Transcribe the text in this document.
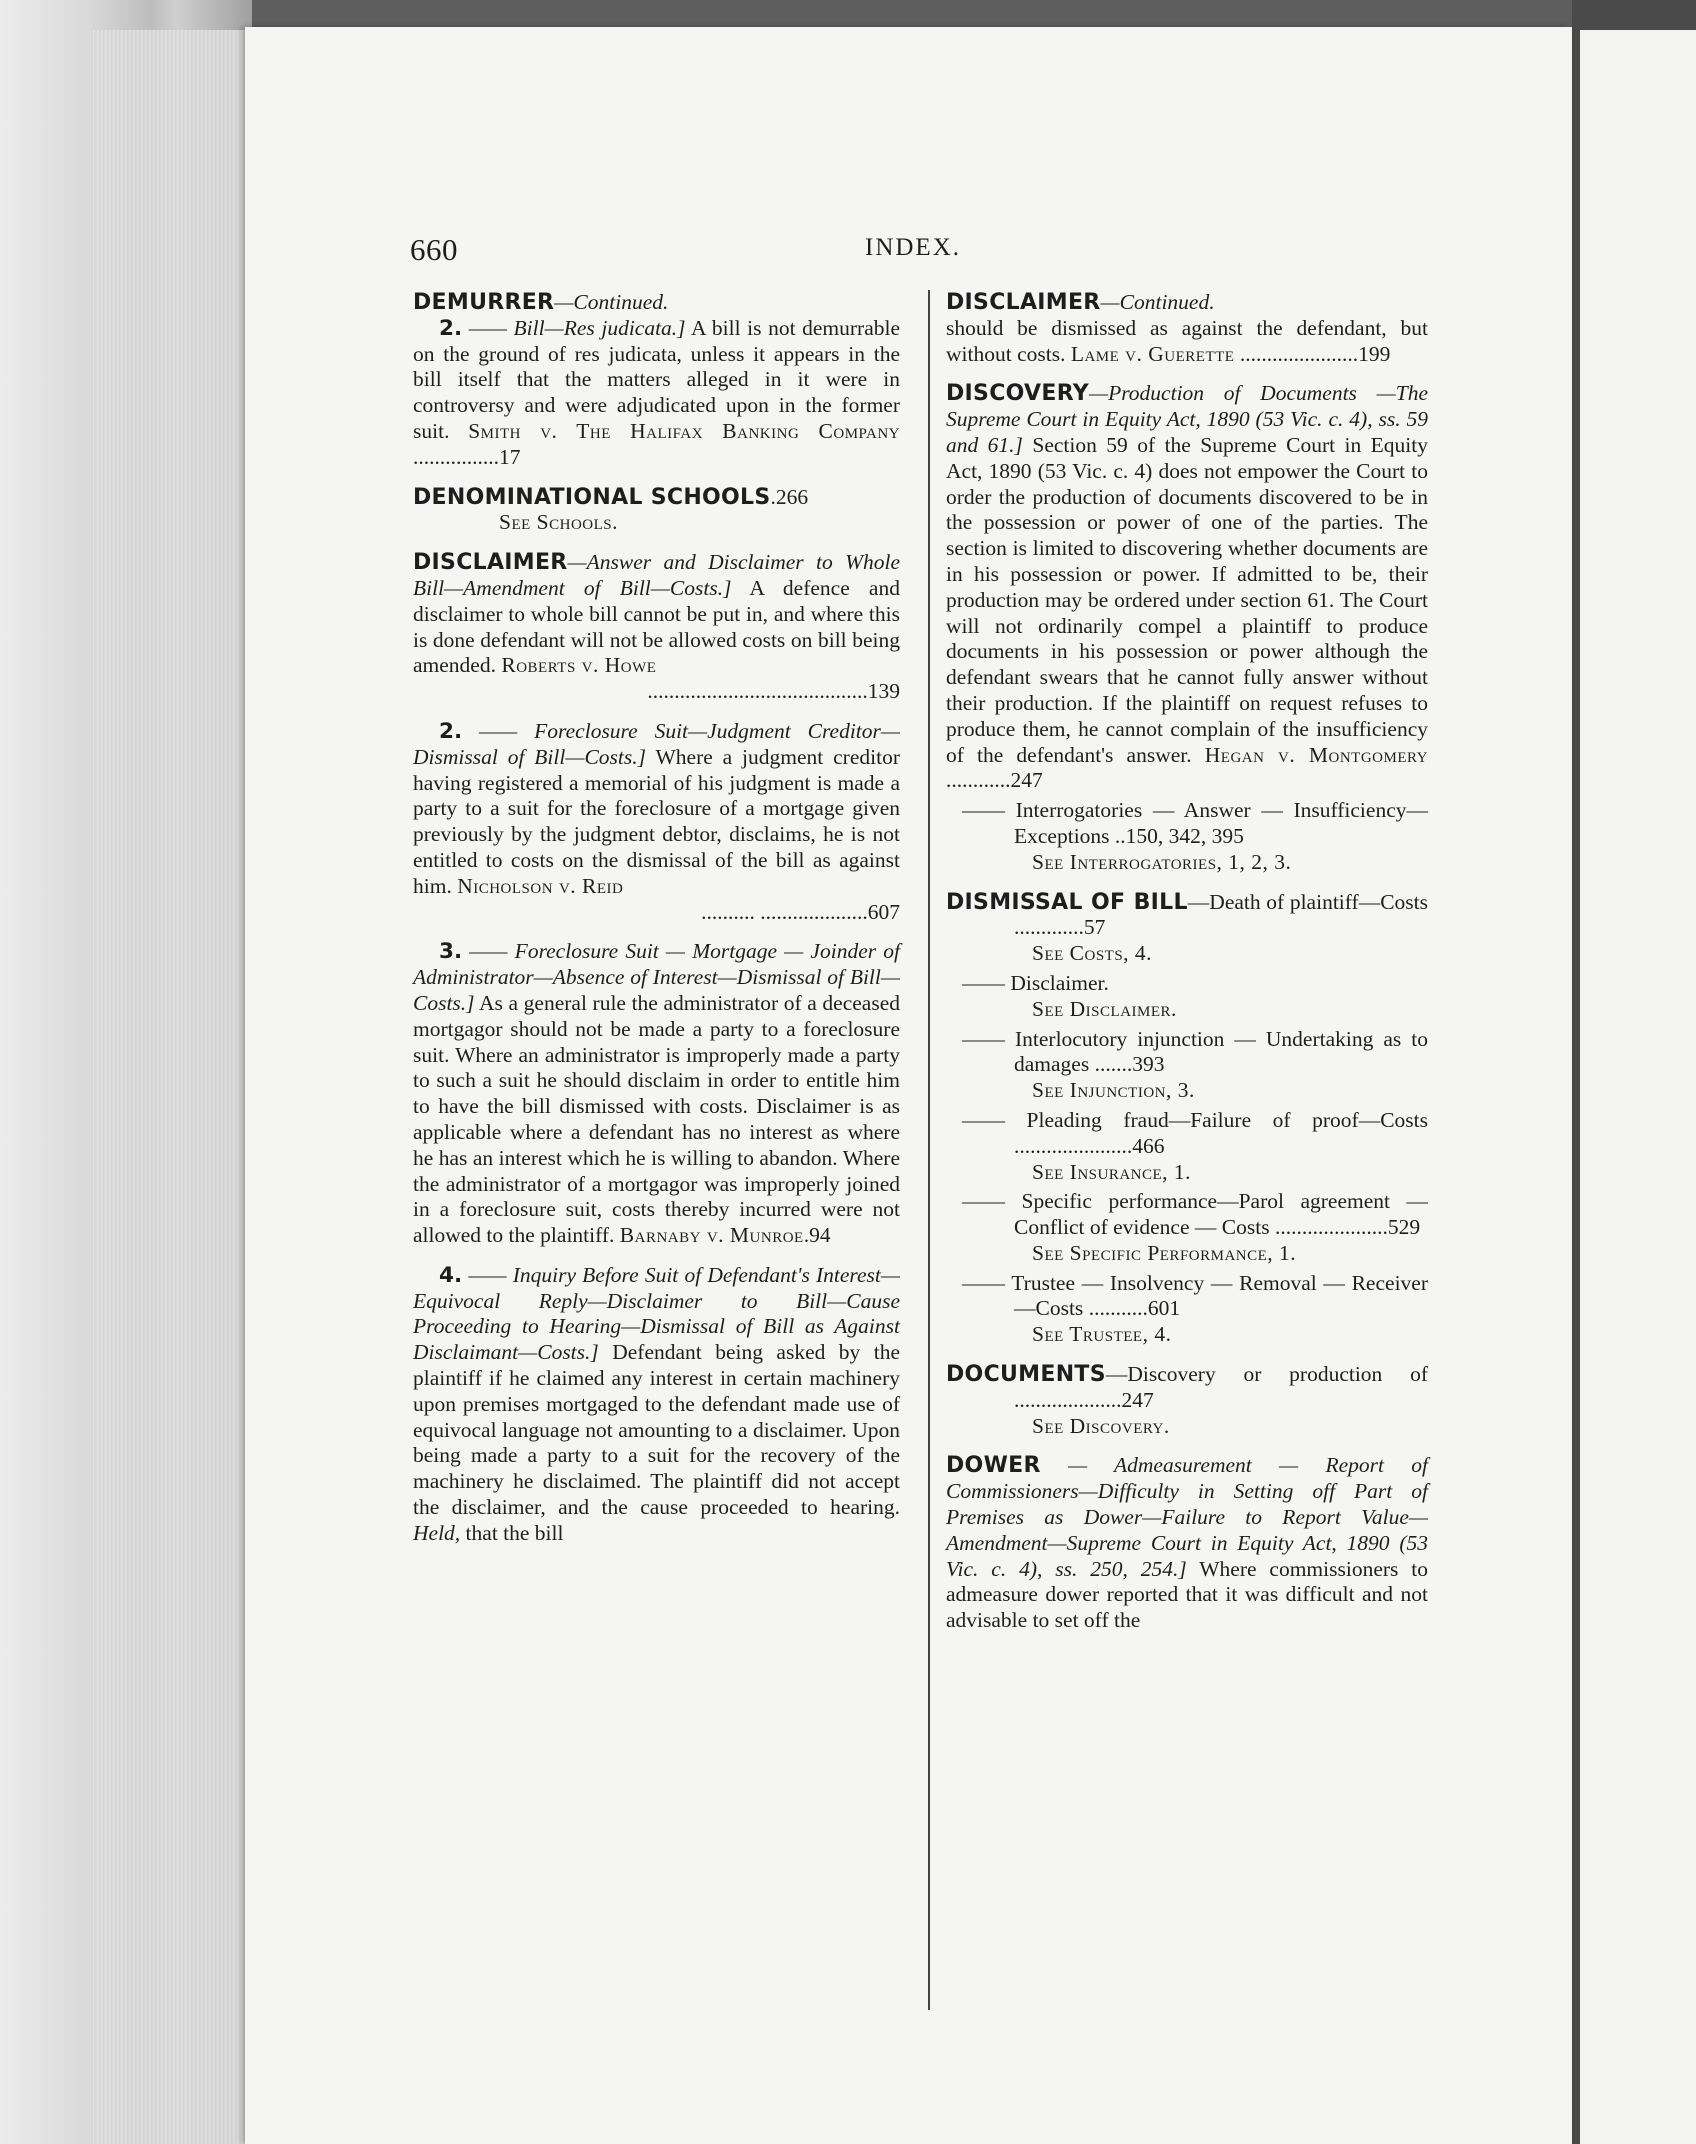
660	INDEX.
DEMURRER—Continued.
2. —— Bill—Res judicata.] A bill is not demurrable on the ground of res judicata, unless it appears in the bill itself that the matters alleged in it were in controversy and were adjudicated upon in the former suit. Smith v. The Halifax Banking Company ................17
DENOMINATIONAL SCHOOLS.266
See Schools.
DISCLAIMER—Answer and Disclaimer to Whole Bill—Amendment of Bill—Costs.] A defence and disclaimer to whole bill cannot be put in, and where this is done defendant will not be allowed costs on bill being amended. Roberts v. Howe
.........................................139
2. —— Foreclosure Suit—Judgment Creditor—Dismissal of Bill—Costs.] Where a judgment creditor having registered a memorial of his judgment is made a party to a suit for the foreclosure of a mortgage given previously by the judgment debtor, disclaims, he is not entitled to costs on the dismissal of the bill as against him. Nicholson v. Reid
.......... ....................607
3. —— Foreclosure Suit — Mortgage — Joinder of Administrator—Absence of Interest—Dismissal of Bill—Costs.] As a general rule the administrator of a deceased mortgagor should not be made a party to a foreclosure suit. Where an administrator is improperly made a party to such a suit he should disclaim in order to entitle him to have the bill dismissed with costs. Disclaimer is as applicable where a defendant has no interest as where he has an interest which he is willing to abandon. Where the administrator of a mortgagor was improperly joined in a foreclosure suit, costs thereby incurred were not allowed to the plaintiff. Barnaby v. Munroe.94
4. —— Inquiry Before Suit of Defendant's Interest—Equivocal Reply—Disclaimer to Bill—Cause Proceeding to Hearing—Dismissal of Bill as Against Disclaimant—Costs.] Defendant being asked by the plaintiff if he claimed any interest in certain machinery upon premises mortgaged to the defendant made use of equivocal language not amounting to a disclaimer. Upon being made a party to a suit for the recovery of the machinery he disclaimed. The plaintiff did not accept the disclaimer, and the cause proceeded to hearing. Held, that the bill
DISCLAIMER—Continued.
should be dismissed as against the defendant, but without costs. Lame v. Guerette ......................199
DISCOVERY—Production of Documents —The Supreme Court in Equity Act, 1890 (53 Vic. c. 4), ss. 59 and 61.] Section 59 of the Supreme Court in Equity Act, 1890 (53 Vic. c. 4) does not empower the Court to order the production of documents discovered to be in the possession or power of one of the parties. The section is limited to discovering whether documents are in his possession or power. If admitted to be, their production may be ordered under section 61. The Court will not ordinarily compel a plaintiff to produce documents in his possession or power although the defendant swears that he cannot fully answer without their production. If the plaintiff on request refuses to produce them, he cannot complain of the insufficiency of the defendant's answer. Hegan v. Montgomery ............247
—— Interrogatories — Answer — Insufficiency—Exceptions ..150, 342, 395
See Interrogatories, 1, 2, 3.
DISMISSAL OF BILL—Death of plaintiff—Costs .............57
See Costs, 4.
—— Disclaimer.
See Disclaimer.
—— Interlocutory injunction — Undertaking as to damages .......393
See Injunction, 3.
—— Pleading fraud—Failure of proof—Costs ......................466
See Insurance, 1.
—— Specific performance—Parol agreement — Conflict of evidence — Costs .....................529
See Specific Performance, 1.
—— Trustee — Insolvency — Removal — Receiver—Costs ...........601
See Trustee, 4.
DOCUMENTS—Discovery or production of ....................247
See Discovery.
DOWER — Admeasurement — Report of Commissioners—Difficulty in Setting off Part of Premises as Dower—Failure to Report Value—Amendment—Supreme Court in Equity Act, 1890 (53 Vic. c. 4), ss. 250, 254.] Where commissioners to admeasure dower reported that it was difficult and not advisable to set off the
